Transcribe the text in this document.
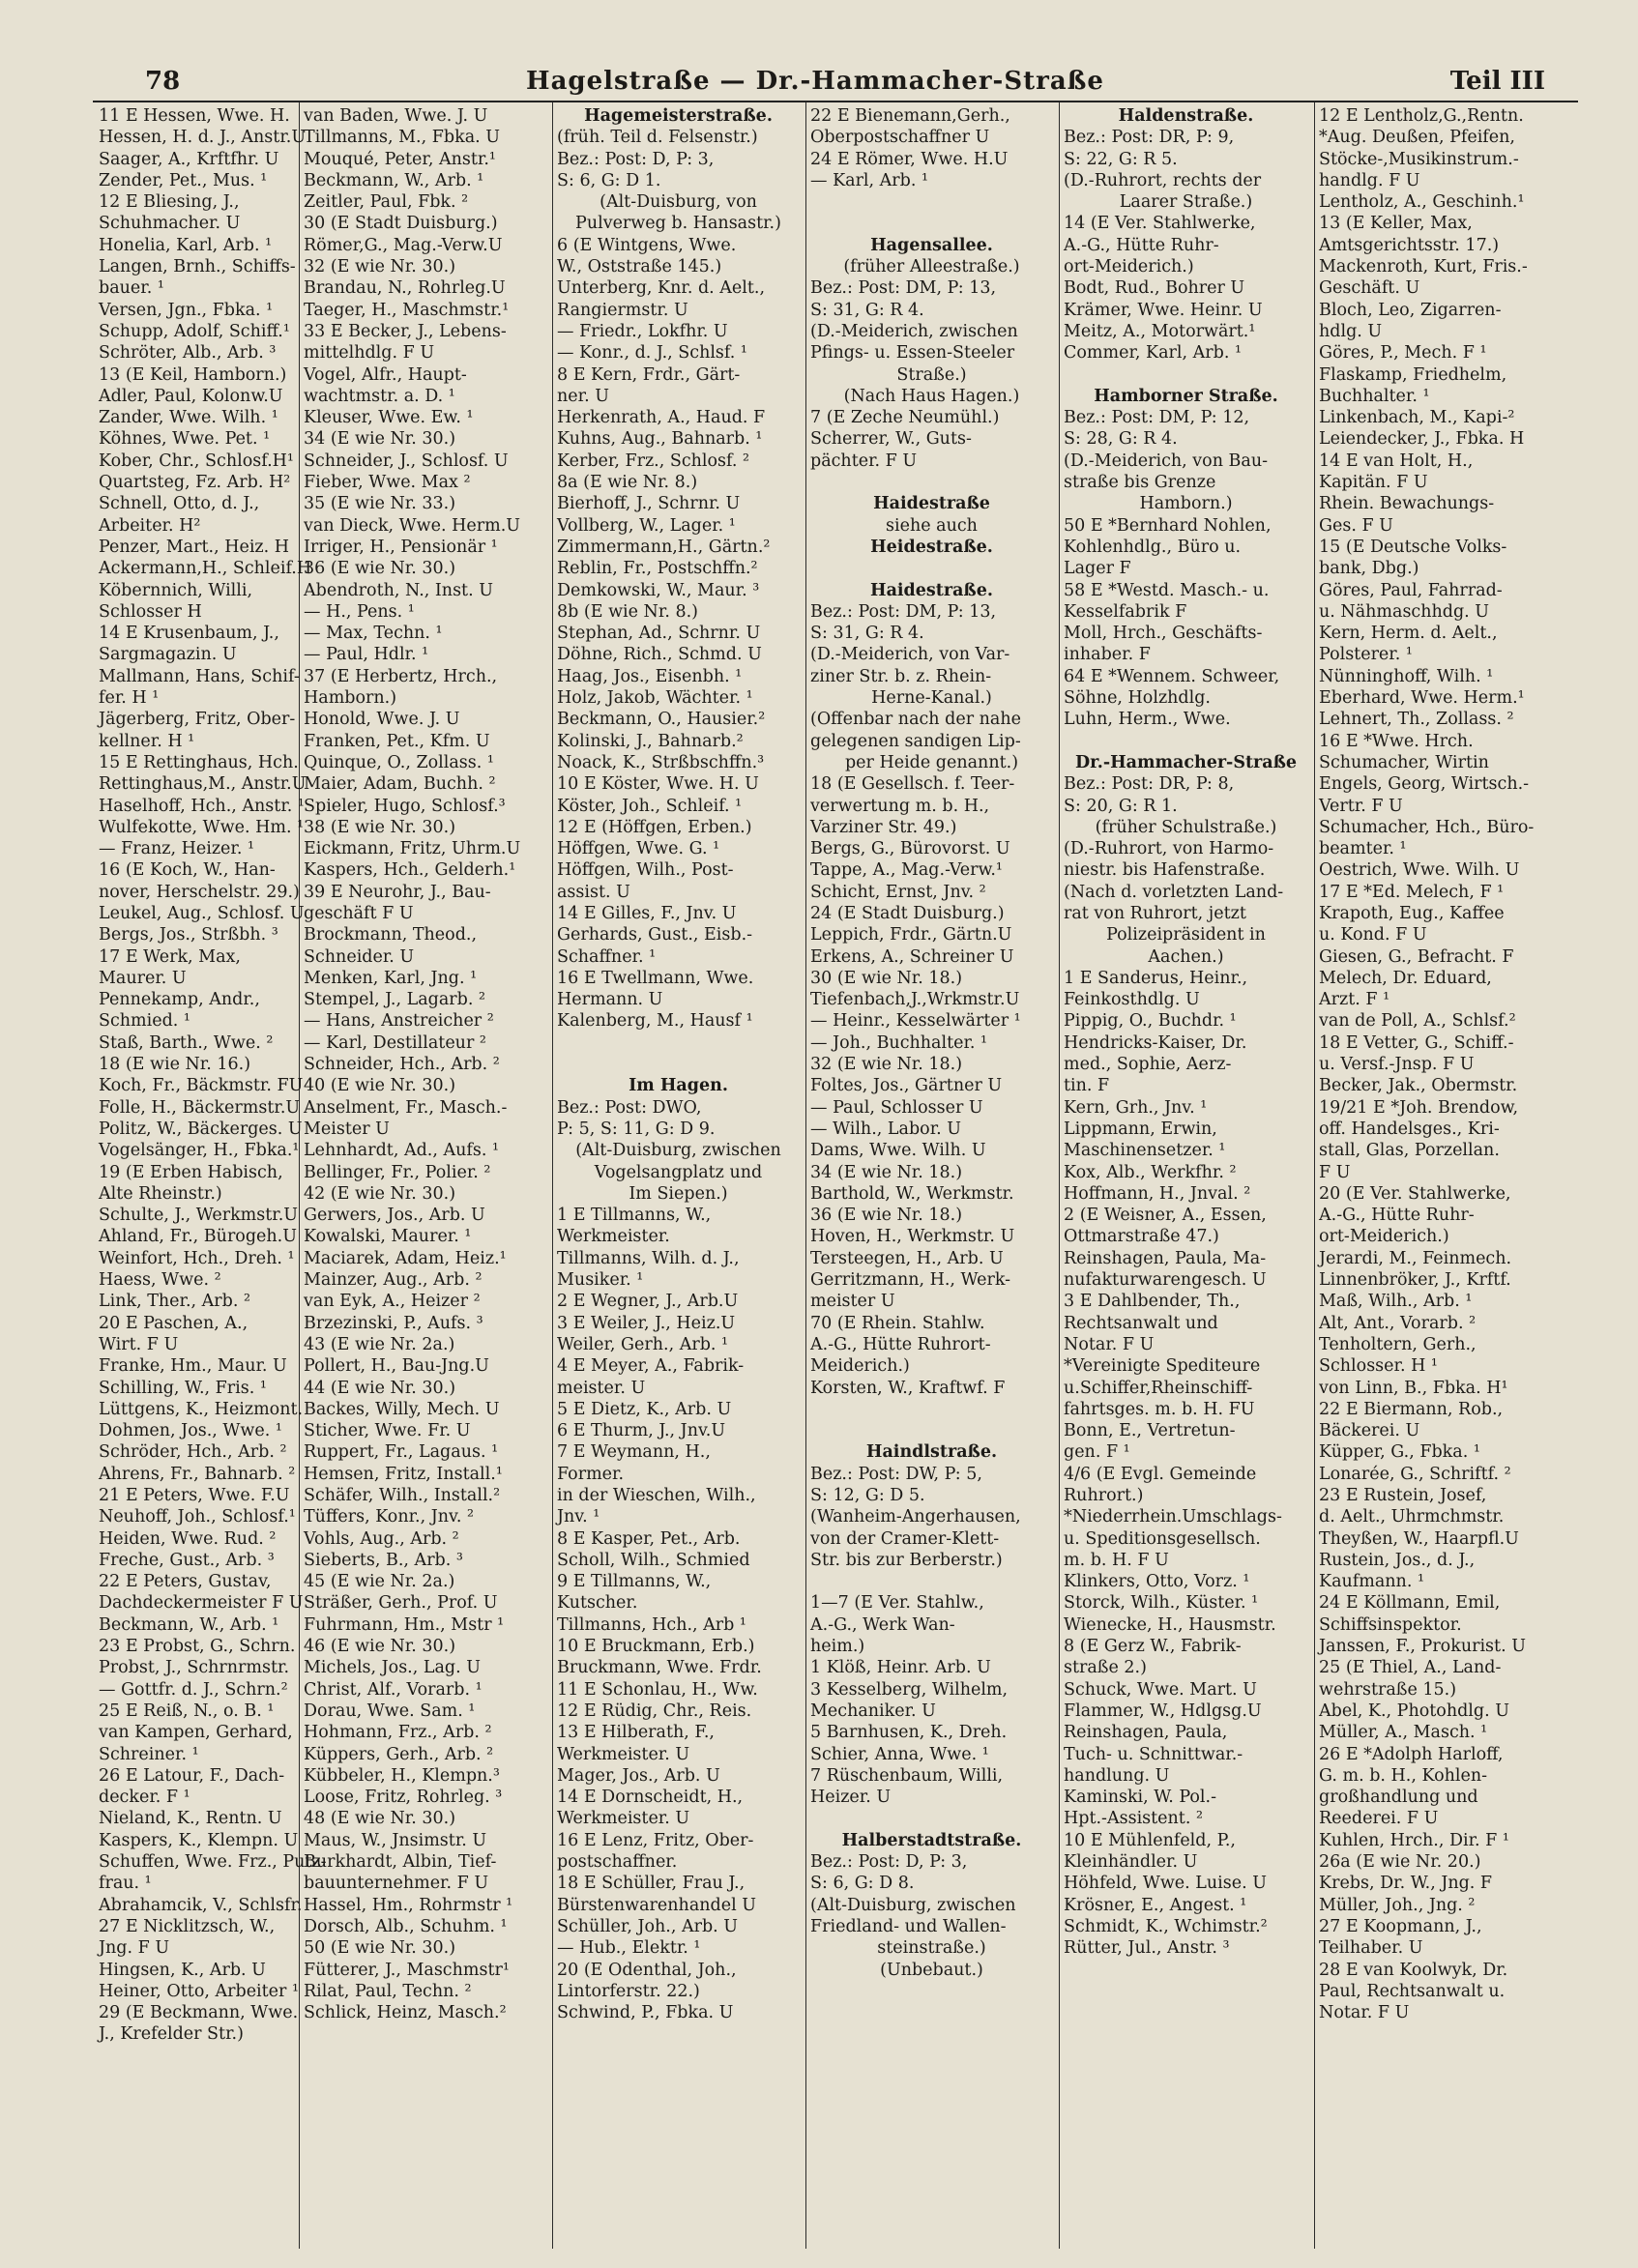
78	Hagelstraße — Dr.-Hammacher-Straße	Teil III
11 E Hessen, Wwe. H.
Hessen, H. d. J., Anstr.U
Saager, A., Krftfhr. U
Zender, Pet., Mus. ¹
12 E Bliesing, J.,
Schuhmacher. U
Honelia, Karl, Arb. ¹
Langen, Brnh., Schiffs-
bauer. ¹
Versen, Jgn., Fbka. ¹
Schupp, Adolf, Schiff.¹
Schröter, Alb., Arb. ³
13 (E Keil, Hamborn.)
Adler, Paul, Kolonw.U
Zander, Wwe. Wilh. ¹
Köhnes, Wwe. Pet. ¹
Kober, Chr., Schlosf.H¹
Quartsteg, Fz. Arb. H²
Schnell, Otto, d. J.,
Arbeiter. H²
Penzer, Mart., Heiz. H
Ackermann,H., Schleif.H
Köbernnich, Willi,
Schlosser H
14 E Krusenbaum, J.,
Sargmagazin. U
Mallmann, Hans, Schif-
fer. H ¹
Jägerberg, Fritz, Ober-
kellner. H ¹
15 E Rettinghaus, Hch.
Rettinghaus,M., Anstr.U
Haselhoff, Hch., Anstr. ¹
Wulfekotte, Wwe. Hm. ¹
— Franz, Heizer. ¹
16 (E Koch, W., Han-
nover, Herschelstr. 29.)
Leukel, Aug., Schlosf. U
Bergs, Jos., Strßbh. ³
17 E Werk, Max,
Maurer. U
Pennekamp, Andr.,
Schmied. ¹
Staß, Barth., Wwe. ²
18 (E wie Nr. 16.)
Koch, Fr., Bäckmstr. FU
Folle, H., Bäckermstr.U
Politz, W., Bäckerges. U
Vogelsänger, H., Fbka.¹
19 (E Erben Habisch,
Alte Rheinstr.)
Schulte, J., Werkmstr.U
Ahland, Fr., Bürogeh.U
Weinfort, Hch., Dreh. ¹
Haess, Wwe. ²
Link, Ther., Arb. ²
20 E Paschen, A.,
Wirt. F U
Franke, Hm., Maur. U
Schilling, W., Fris. ¹
Lüttgens, K., Heizmont.
Dohmen, Jos., Wwe. ¹
Schröder, Hch., Arb. ²
Ahrens, Fr., Bahnarb. ²
21 E Peters, Wwe. F.U
Neuhoff, Joh., Schlosf.¹
Heiden, Wwe. Rud. ²
Freche, Gust., Arb. ³
22 E Peters, Gustav,
Dachdeckermeister F U
Beckmann, W., Arb. ¹
23 E Probst, G., Schrn.
Probst, J., Schrnrmstr.
— Gottfr. d. J., Schrn.²
25 E Reiß, N., o. B. ¹
van Kampen, Gerhard,
Schreiner. ¹
26 E Latour, F., Dach-
decker. F ¹
Nieland, K., Rentn. U
Kaspers, K., Klempn. U
Schuffen, Wwe. Frz., Putz-
frau. ¹
Abrahamcik, V., Schlsfr.
27 E Nicklitzsch, W.,
Jng. F U
Hingsen, K., Arb. U
Heiner, Otto, Arbeiter ¹
29 (E Beckmann, Wwe.
J., Krefelder Str.)
van Baden, Wwe. J. U
Tillmanns, M., Fbka. U
Mouqué, Peter, Anstr.¹
Beckmann, W., Arb. ¹
Zeitler, Paul, Fbk. ²
30 (E Stadt Duisburg.)
Römer,G., Mag.-Verw.U
32 (E wie Nr. 30.)
Brandau, N., Rohrleg.U
Taeger, H., Maschmstr.¹
33 E Becker, J., Lebens-
mittelhdlg. F U
Vogel, Alfr., Haupt-
wachtmstr. a. D. ¹
Kleuser, Wwe. Ew. ¹
34 (E wie Nr. 30.)
Schneider, J., Schlosf. U
Fieber, Wwe. Max ²
35 (E wie Nr. 33.)
van Dieck, Wwe. Herm.U
Irriger, H., Pensionär ¹
36 (E wie Nr. 30.)
Abendroth, N., Inst. U
— H., Pens. ¹
— Max, Techn. ¹
— Paul, Hdlr. ¹
37 (E Herbertz, Hrch.,
Hamborn.)
Honold, Wwe. J. U
Franken, Pet., Kfm. U
Quinque, O., Zollass. ¹
Maier, Adam, Buchh. ²
Spieler, Hugo, Schlosf.³
38 (E wie Nr. 30.)
Eickmann, Fritz, Uhrm.U
Kaspers, Hch., Gelderh.¹
39 E Neurohr, J., Bau-
geschäft F U
Brockmann, Theod.,
Schneider. U
Menken, Karl, Jng. ¹
Stempel, J., Lagarb. ²
— Hans, Anstreicher ²
— Karl, Destillateur ²
Schneider, Hch., Arb. ²
40 (E wie Nr. 30.)
Anselment, Fr., Masch.-
Meister U
Lehnhardt, Ad., Aufs. ¹
Bellinger, Fr., Polier. ²
42 (E wie Nr. 30.)
Gerwers, Jos., Arb. U
Kowalski, Maurer. ¹
Maciarek, Adam, Heiz.¹
Mainzer, Aug., Arb. ²
van Eyk, A., Heizer ²
Brzezinski, P., Aufs. ³
43 (E wie Nr. 2a.)
Pollert, H., Bau-Jng.U
44 (E wie Nr. 30.)
Backes, Willy, Mech. U
Sticher, Wwe. Fr. U
Ruppert, Fr., Lagaus. ¹
Hemsen, Fritz, Install.¹
Schäfer, Wilh., Install.²
Tüffers, Konr., Jnv. ²
Vohls, Aug., Arb. ²
Sieberts, B., Arb. ³
45 (E wie Nr. 2a.)
Sträßer, Gerh., Prof. U
Fuhrmann, Hm., Mstr ¹
46 (E wie Nr. 30.)
Michels, Jos., Lag. U
Christ, Alf., Vorarb. ¹
Dorau, Wwe. Sam. ¹
Hohmann, Frz., Arb. ²
Küppers, Gerh., Arb. ²
Kübbeler, H., Klempn.³
Loose, Fritz, Rohrleg. ³
48 (E wie Nr. 30.)
Maus, W., Jnsimstr. U
Burkhardt, Albin, Tief-
bauunternehmer. F U
Hassel, Hm., Rohrmstr ¹
Dorsch, Alb., Schuhm. ¹
50 (E wie Nr. 30.)
Fütterer, J., Maschmstr¹
Rilat, Paul, Techn. ²
Schlick, Heinz, Masch.²
Hagemeisterstraße.
(früh. Teil d. Felsenstr.)
Bez.: Post: D, P: 3,
S: 6, G: D 1.
(Alt-Duisburg, von
Pulverweg b. Hansastr.)
6 (E Wintgens, Wwe.
W., Oststraße 145.)
Unterberg, Knr. d. Aelt.,
Rangiermstr. U
— Friedr., Lokfhr. U
— Konr., d. J., Schlsf. ¹
8 E Kern, Frdr., Gärt-
ner. U
Herkenrath, A., Haud. F
Kuhns, Aug., Bahnarb. ¹
Kerber, Frz., Schlosf. ²
8a (E wie Nr. 8.)
Bierhoff, J., Schrnr. U
Vollberg, W., Lager. ¹
Zimmermann,H., Gärtn.²
Reblin, Fr., Postschffn.²
Demkowski, W., Maur. ³
8b (E wie Nr. 8.)
Stephan, Ad., Schrnr. U
Döhne, Rich., Schmd. U
Haag, Jos., Eisenbh. ¹
Holz, Jakob, Wächter. ¹
Beckmann, O., Hausier.²
Kolinski, J., Bahnarb.²
Noack, K., Strßbschffn.³
10 E Köster, Wwe. H. U
Köster, Joh., Schleif. ¹
12 E (Höffgen, Erben.)
Höffgen, Wwe. G. ¹
Höffgen, Wilh., Post-
assist. U
14 E Gilles, F., Jnv. U
Gerhards, Gust., Eisb.-
Schaffner. ¹
16 E Twellmann, Wwe.
Hermann. U
Kalenberg, M., Hausf ¹
Im Hagen.
Bez.: Post: DWO,
P: 5, S: 11, G: D 9.
(Alt-Duisburg, zwischen
Vogelsangplatz und
Im Siepen.)
1 E Tillmanns, W.,
Werkmeister.
Tillmanns, Wilh. d. J.,
Musiker. ¹
2 E Wegner, J., Arb.U
3 E Weiler, J., Heiz.U
Weiler, Gerh., Arb. ¹
4 E Meyer, A., Fabrik-
meister. U
5 E Dietz, K., Arb. U
6 E Thurm, J., Jnv.U
7 E Weymann, H.,
Former.
in der Wieschen, Wilh.,
Jnv. ¹
8 E Kasper, Pet., Arb.
Scholl, Wilh., Schmied
9 E Tillmanns, W.,
Kutscher.
Tillmanns, Hch., Arb ¹
10 E Bruckmann, Erb.)
Bruckmann, Wwe. Frdr.
11 E Schonlau, H., Ww.
12 E Rüdig, Chr., Reis.
13 E Hilberath, F.,
Werkmeister. U
Mager, Jos., Arb. U
14 E Dornscheidt, H.,
Werkmeister. U
16 E Lenz, Fritz, Ober-
postschaffner.
18 E Schüller, Frau J.,
Bürstenwarenhandel U
Schüller, Joh., Arb. U
— Hub., Elektr. ¹
20 (E Odenthal, Joh.,
Lintorferstr. 22.)
Schwind, P., Fbka. U
22 E Bienemann,Gerh.,
Oberpostschaffner U
24 E Römer, Wwe. H.U
— Karl, Arb. ¹
Hagensallee.
(früher Alleestraße.)
Bez.: Post: DM, P: 13,
S: 31, G: R 4.
(D.-Meiderich, zwischen
Pfings- u. Essen-Steeler
Straße.)
(Nach Haus Hagen.)
7 (E Zeche Neumühl.)
Scherrer, W., Guts-
pächter. F U
Haidestraße
siehe auch
Heidestraße.
Haidestraße.
Bez.: Post: DM, P: 13,
S: 31, G: R 4.
(D.-Meiderich, von Var-
ziner Str. b. z. Rhein-
Herne-Kanal.)
(Offenbar nach der nahe
gelegenen sandigen Lip-
per Heide genannt.)
18 (E Gesellsch. f. Teer-
verwertung m. b. H.,
Varziner Str. 49.)
Bergs, G., Bürovorst. U
Tappe, A., Mag.-Verw.¹
Schicht, Ernst, Jnv. ²
24 (E Stadt Duisburg.)
Leppich, Frdr., Gärtn.U
Erkens, A., Schreiner U
30 (E wie Nr. 18.)
Tiefenbach,J.,Wrkmstr.U
— Heinr., Kesselwärter ¹
— Joh., Buchhalter. ¹
32 (E wie Nr. 18.)
Foltes, Jos., Gärtner U
— Paul, Schlosser U
— Wilh., Labor. U
Dams, Wwe. Wilh. U
34 (E wie Nr. 18.)
Barthold, W., Werkmstr.
36 (E wie Nr. 18.)
Hoven, H., Werkmstr. U
Tersteegen, H., Arb. U
Gerritzmann, H., Werk-
meister U
70 (E Rhein. Stahlw.
A.-G., Hütte Ruhrort-
Meiderich.)
Korsten, W., Kraftwf. F
Haindlstraße.
Bez.: Post: DW, P: 5,
S: 12, G: D 5.
(Wanheim-Angerhausen,
von der Cramer-Klett-
Str. bis zur Berberstr.)
1—7 (E Ver. Stahlw.,
A.-G., Werk Wan-
heim.)
1 Klöß, Heinr. Arb. U
3 Kesselberg, Wilhelm,
Mechaniker. U
5 Barnhusen, K., Dreh.
Schier, Anna, Wwe. ¹
7 Rüschenbaum, Willi,
Heizer. U
Halberstadtstraße.
Bez.: Post: D, P: 3,
S: 6, G: D 8.
(Alt-Duisburg, zwischen
Friedland- und Wallen-
steinstraße.)
(Unbebaut.)
Haldenstraße.
Bez.: Post: DR, P: 9,
S: 22, G: R 5.
(D.-Ruhrort, rechts der
Laarer Straße.)
14 (E Ver. Stahlwerke,
A.-G., Hütte Ruhr-
ort-Meiderich.)
Bodt, Rud., Bohrer U
Krämer, Wwe. Heinr. U
Meitz, A., Motorwärt.¹
Commer, Karl, Arb. ¹
Hamborner Straße.
Bez.: Post: DM, P: 12,
S: 28, G: R 4.
(D.-Meiderich, von Bau-
straße bis Grenze
Hamborn.)
50 E *Bernhard Nohlen,
Kohlenhdlg., Büro u.
Lager F
58 E *Westd. Masch.- u.
Kesselfabrik F
Moll, Hrch., Geschäfts-
inhaber. F
64 E *Wennem. Schweer,
Söhne, Holzhdlg.
Luhn, Herm., Wwe.
Dr.-Hammacher-Straße
Bez.: Post: DR, P: 8,
S: 20, G: R 1.
(früher Schulstraße.)
(D.-Ruhrort, von Harmo-
niestr. bis Hafenstraße.
(Nach d. vorletzten Land-
rat von Ruhrort, jetzt
Polizeipräsident in
Aachen.)
1 E Sanderus, Heinr.,
Feinkosthdlg. U
Pippig, O., Buchdr. ¹
Hendricks-Kaiser, Dr.
med., Sophie, Aerz-
tin. F
Kern, Grh., Jnv. ¹
Lippmann, Erwin,
Maschinensetzer. ¹
Kox, Alb., Werkfhr. ²
Hoffmann, H., Jnval. ²
2 (E Weisner, A., Essen,
Ottmarstraße 47.)
Reinshagen, Paula, Ma-
nufakturwarengesch. U
3 E Dahlbender, Th.,
Rechtsanwalt und
Notar. F U
*Vereinigte Spediteure
u.Schiffer,Rheinschiff-
fahrtsges. m. b. H. FU
Bonn, E., Vertretun-
gen. F ¹
4/6 (E Evgl. Gemeinde
Ruhrort.)
*Niederrhein.Umschlags-
u. Speditionsgesellsch.
m. b. H. F U
Klinkers, Otto, Vorz. ¹
Storck, Wilh., Küster. ¹
Wienecke, H., Hausmstr.
8 (E Gerz W., Fabrik-
straße 2.)
Schuck, Wwe. Mart. U
Flammer, W., Hdlgsg.U
Reinshagen, Paula,
Tuch- u. Schnittwar.-
handlung. U
Kaminski, W. Pol.-
Hpt.-Assistent. ²
10 E Mühlenfeld, P.,
Kleinhändler. U
Höhfeld, Wwe. Luise. U
Krösner, E., Angest. ¹
Schmidt, K., Wchimstr.²
Rütter, Jul., Anstr. ³
12 E Lentholz,G.,Rentn.
*Aug. Deußen, Pfeifen,
Stöcke-,Musikinstrum.-
handlg. F U
Lentholz, A., Geschinh.¹
13 (E Keller, Max,
Amtsgerichtsstr. 17.)
Mackenroth, Kurt, Fris.-
Geschäft. U
Bloch, Leo, Zigarren-
hdlg. U
Göres, P., Mech. F ¹
Flaskamp, Friedhelm,
Buchhalter. ¹
Linkenbach, M., Kapi-²
Leiendecker, J., Fbka. H
14 E van Holt, H.,
Kapitän. F U
Rhein. Bewachungs-
Ges. F U
15 (E Deutsche Volks-
bank, Dbg.)
Göres, Paul, Fahrrad-
u. Nähmaschhdg. U
Kern, Herm. d. Aelt.,
Polsterer. ¹
Nünninghoff, Wilh. ¹
Eberhard, Wwe. Herm.¹
Lehnert, Th., Zollass. ²
16 E *Wwe. Hrch.
Schumacher, Wirtin
Engels, Georg, Wirtsch.-
Vertr. F U
Schumacher, Hch., Büro-
beamter. ¹
Oestrich, Wwe. Wilh. U
17 E *Ed. Melech, F ¹
Krapoth, Eug., Kaffee
u. Kond. F U
Giesen, G., Befracht. F
Melech, Dr. Eduard,
Arzt. F ¹
van de Poll, A., Schlsf.²
18 E Vetter, G., Schiff.-
u. Versf.-Jnsp. F U
Becker, Jak., Obermstr.
19/21 E *Joh. Brendow,
off. Handelsges., Kri-
stall, Glas, Porzellan.
F U
20 (E Ver. Stahlwerke,
A.-G., Hütte Ruhr-
ort-Meiderich.)
Jerardi, M., Feinmech.
Linnenbröker, J., Krftf.
Maß, Wilh., Arb. ¹
Alt, Ant., Vorarb. ²
Tenholtern, Gerh.,
Schlosser. H ¹
von Linn, B., Fbka. H¹
22 E Biermann, Rob.,
Bäckerei. U
Küpper, G., Fbka. ¹
Lonarée, G., Schriftf. ²
23 E Rustein, Josef,
d. Aelt., Uhrmchmstr.
Theyßen, W., Haarpfl.U
Rustein, Jos., d. J.,
Kaufmann. ¹
24 E Köllmann, Emil,
Schiffsinspektor.
Janssen, F., Prokurist. U
25 (E Thiel, A., Land-
wehrstraße 15.)
Abel, K., Photohdlg. U
Müller, A., Masch. ¹
26 E *Adolph Harloff,
G. m. b. H., Kohlen-
großhandlung und
Reederei. F U
Kuhlen, Hrch., Dir. F ¹
26a (E wie Nr. 20.)
Krebs, Dr. W., Jng. F
Müller, Joh., Jng. ²
27 E Koopmann, J.,
Teilhaber. U
28 E van Koolwyk, Dr.
Paul, Rechtsanwalt u.
Notar. F U
